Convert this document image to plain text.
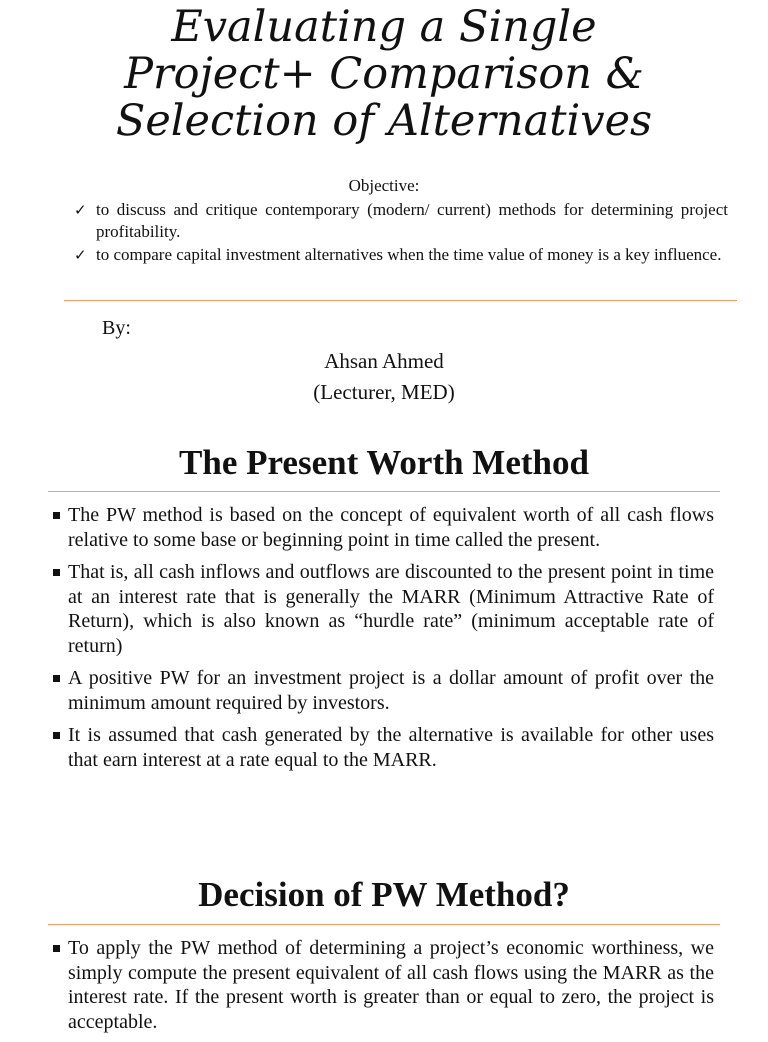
Evaluating a Single
Project+ Comparison &
Selection of Alternatives
Objective:
✓ to discuss and critique contemporary (modern/ current) methods for determining project profitability.
✓ to compare capital investment alternatives when the time value of money is a key influence.
By:
Ahsan Ahmed
(Lecturer, MED)
The Present Worth Method
The PW method is based on the concept of equivalent worth of all cash flows relative to some base or beginning point in time called the present.
That is, all cash inflows and outflows are discounted to the present point in time at an interest rate that is generally the MARR (Minimum Attractive Rate of Return), which is also known as “hurdle rate” (minimum acceptable rate of return)
A positive PW for an investment project is a dollar amount of profit over the minimum amount required by investors.
It is assumed that cash generated by the alternative is available for other uses that earn interest at a rate equal to the MARR.
Decision of PW Method?
To apply the PW method of determining a project’s economic worthiness, we simply compute the present equivalent of all cash flows using the MARR as the interest rate. If the present worth is greater than or equal to zero, the project is acceptable.
